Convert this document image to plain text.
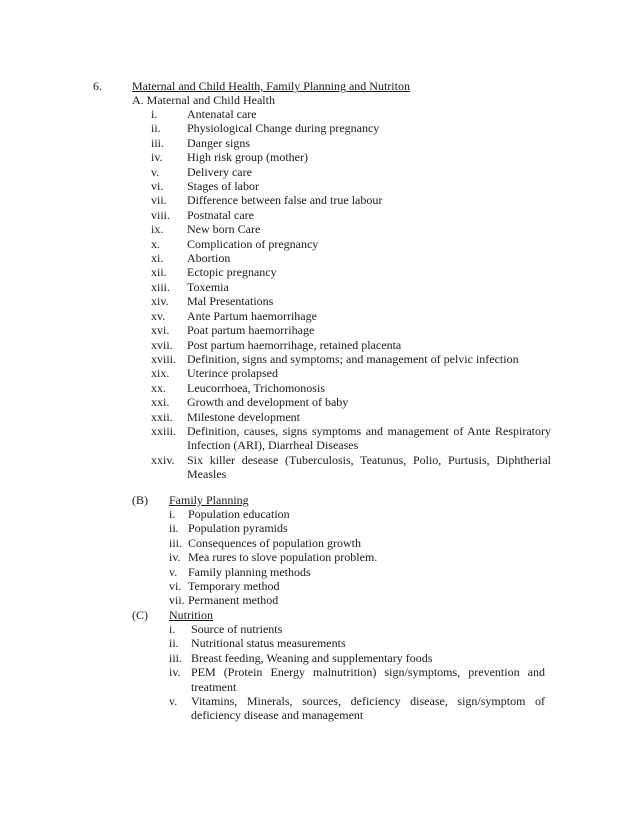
6.	Maternal and Child Health, Family Planning and Nutriton
A. Maternal and Child Health
i.	Antenatal care
ii.	Physiological Change during pregnancy
iii.	Danger signs
iv.	High risk group (mother)
v.	Delivery care
vi.	Stages of labor
vii.	Difference between false and true labour
viii.	Postnatal care
ix.	New born Care
x.	Complication of pregnancy
xi.	Abortion
xii.	Ectopic pregnancy
xiii.	Toxemia
xiv.	Mal Presentations
xv.	Ante Partum haemorrihage
xvi.	Poat partum haemorrihage
xvii.	Post partum haemorrihage, retained placenta
xviii. Definition, signs and symptoms; and management of pelvic infection
xix.	Uterince prolapsed
xx.	Leucorrhoea, Trichomonosis
xxi.	Growth and development of baby
xxii.	Milestone development
xxiii. Definition, causes, signs symptoms and management of Ante Respiratory Infection (ARI), Diarrheal Diseases
xxiv.	Six killer desease (Tuberculosis, Teatunus, Polio, Purtusis, Diphtherial Measles
(B) Family Planning
i.	Population education
ii. Population pyramids
iii. Consequences of population growth
iv. Mea rures to slove population problem.
v. Family planning methods
vi. Temporary method
vii. Permanent method
(C) Nutrition
i.	Source of nutrients
ii.	Nutritional status measurements
iii. Breast feeding, Weaning and supplementary foods
iv. PEM (Protein Energy malnutrition) sign/symptoms, prevention and treatment
v.	Vitamins, Minerals, sources, deficiency disease, sign/symptom of deficiency disease and management
